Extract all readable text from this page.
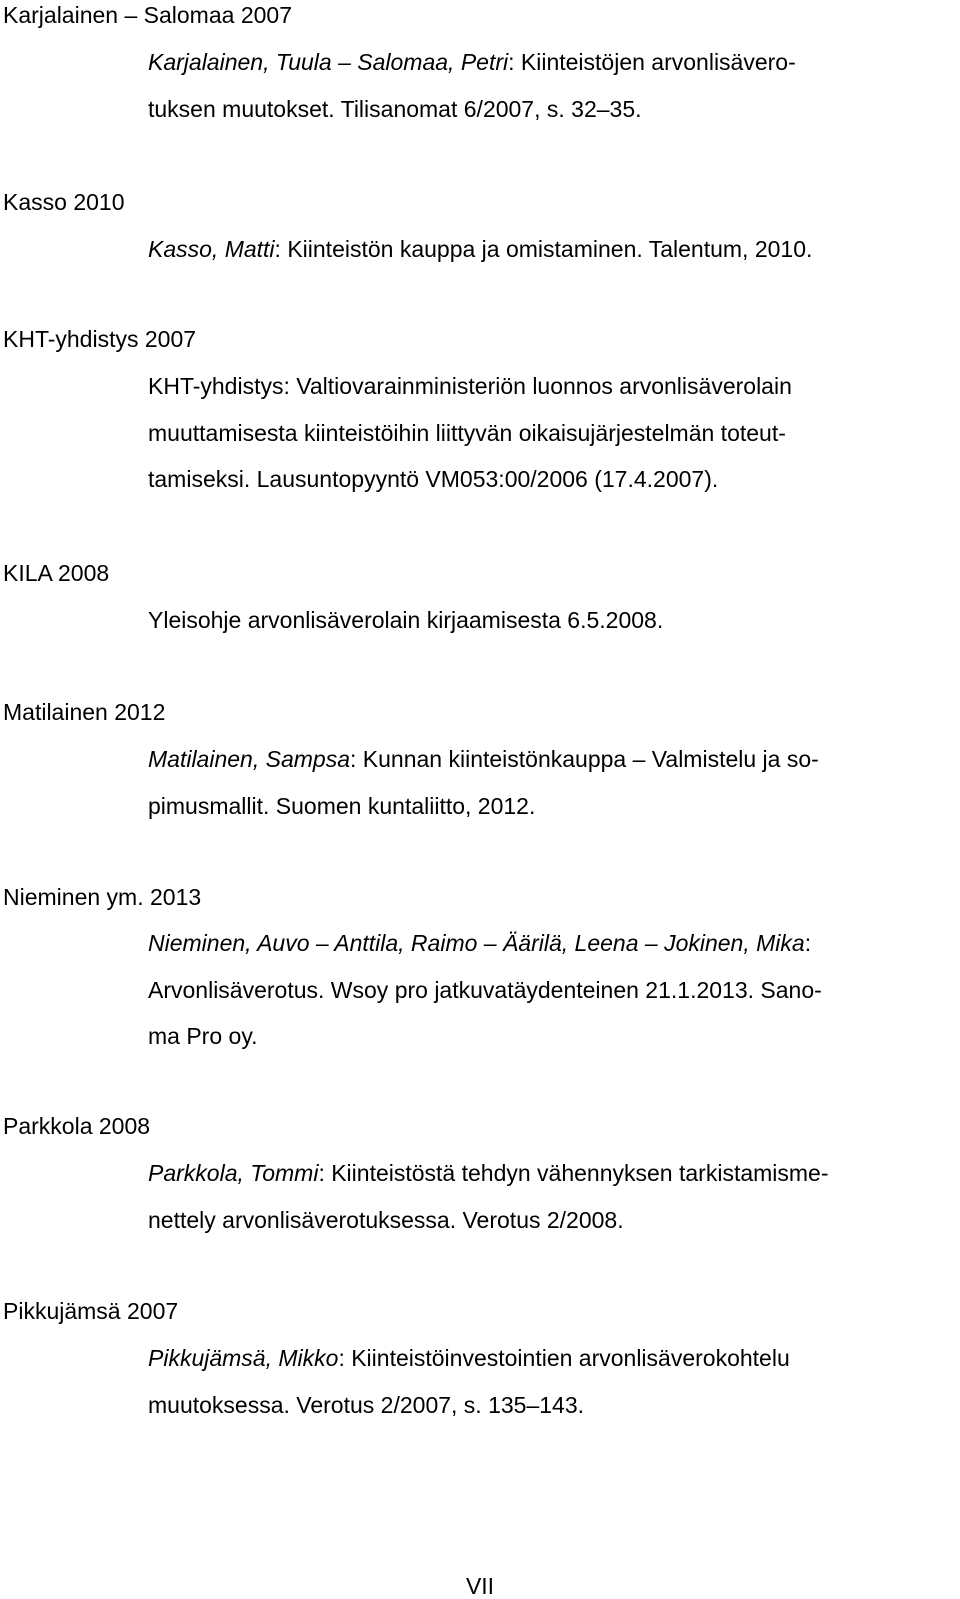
Karjalainen – Salomaa 2007
Karjalainen, Tuula – Salomaa, Petri: Kiinteistöjen arvonlisävero-
tuksen muutokset. Tilisanomat 6/2007, s. 32–35.
Kasso 2010
Kasso, Matti: Kiinteistön kauppa ja omistaminen. Talentum, 2010.
KHT-yhdistys 2007
KHT-yhdistys: Valtiovarainministeriön luonnos arvonlisäverolain
muuttamisesta kiinteistöihin liittyvän oikaisujärjestelmän toteut-
tamiseksi. Lausuntopyyntö VM053:00/2006 (17.4.2007).
KILA 2008
Yleisohje arvonlisäverolain kirjaamisesta 6.5.2008.
Matilainen 2012
Matilainen, Sampsa: Kunnan kiinteistönkauppa – Valmistelu ja so-
pimusmallit. Suomen kuntaliitto, 2012.
Nieminen ym. 2013
Nieminen, Auvo – Anttila, Raimo – Äärilä, Leena – Jokinen, Mika:
Arvonlisäverotus. Wsoy pro jatkuvatäydenteinen 21.1.2013. Sano-
ma Pro oy.
Parkkola 2008
Parkkola, Tommi: Kiinteistöstä tehdyn vähennyksen tarkistamisme-
nettely arvonlisäverotuksessa. Verotus 2/2008.
Pikkujämsä 2007
Pikkujämsä, Mikko: Kiinteistöinvestointien arvonlisäverokohtelu
muutoksessa. Verotus 2/2007, s. 135–143.
VII
